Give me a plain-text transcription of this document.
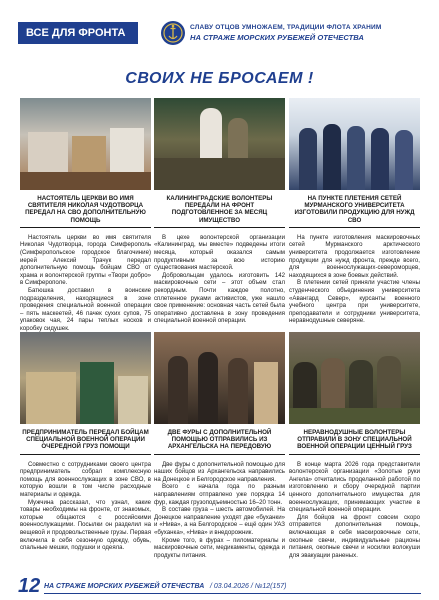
ВСЕ ДЛЯ ФРОНТА	СЛАВУ ОТЦОВ УМНОЖАЕМ, ТРАДИЦИИ ФЛОТА ХРАНИМ
НА СТРАЖЕ МОРСКИХ РУБЕЖЕЙ ОТЕЧЕСТВА
СВОИХ НЕ БРОСАЕМ !
НАСТОЯТЕЛЬ ЦЕРКВИ ВО ИМЯ СВЯТИТЕЛЯ НИКОЛАЯ ЧУДОТВОРЦА ПЕРЕДАЛ НА СВО ДОПОЛНИТЕЛЬНУЮ ПОМОЩЬ

Настоятель церкви во имя святителя Николая Чудотворца, города Симферополь (Симферопольское городское благочиние) иерей Алексий Трачук передал дополнительную помощь бойцам СВО от храма и волонтерской группы «Твори добро» в Симферополе.

Батюшка доставил в воинские подразделения, находящиеся в зоне проведения специальной военной операции – пять маскеетей, 46 пачек сухих супов, 75 упаковок чая, 24 пары теплых носков и коробку сидушек.

КАЛИНИНГРАДСКИЕ ВОЛОНТЕРЫ ПЕРЕДАЛИ НА ФРОНТ ПОДГОТОВЛЕННОЕ ЗА МЕСЯЦ ИМУЩЕСТВО

В цехе волонтерской организации «Калининград, мы вместе» подведены итоги месяца, который оказался самым продуктивным за всю историю существования мастерской.

Добровольцам удалось изготовить 142 маскировочные сети – этот объем стал рекордным. Почти каждое полотно, сплетенное руками активистов, уже нашло свое применение: основная часть сетей была оперативно доставлена в зону проведения специальной военной операции.

НА ПУНКТЕ ПЛЕТЕНИЯ СЕТЕЙ МУРМАНСКОГО УНИВЕРСИТЕТА ИЗГОТОВИЛИ ПРОДУКЦИЮ ДЛЯ НУЖД СВО

На пункте изготовления маскировочных сетей Мурманского арктического университета продолжается изготовление продукции для нужд фронта, прежде всего, для военнослужащих-североморцев, находящихся в зоне боевых действий.

В плетении сетей приняли участие члены студенческого объединения университета «Авангард Север», курсанты военного учебного центра при университете, преподаватели и сотрудники университета, неравнодушные северяне.

ПРЕДПРИНИМАТЕЛЬ ПЕРЕДАЛ БОЙЦАМ СПЕЦИАЛЬНОЙ ВОЕННОЙ ОПЕРАЦИИ ОЧЕРЕДНОЙ ГРУЗ ПОМОЩИ

Совместно с сотрудниками своего центра предприниматель собрал комплексную помощь для военнослужащих в зоне СВО, в которую вошли в том числе расходные материалы и одежда.

Мужчина рассказал, что узнал, какие товары необходимы на фронте, от знакомых, которые общаются с российскими военнослужащими. Посылки он разделил на вещевой и продовольственные грузы. Первая включила в себя сезонную одежду, обувь, спальные мешки, подушки и одеяла.

ДВЕ ФУРЫ С ДОПОЛНИТЕЛЬНОЙ ПОМОЩЬЮ ОТПРАВИЛИСЬ ИЗ АРХАНГЕЛЬСКА НА ПЕРЕДОВУЮ

Две фуры с дополнительной помощью для наших бойцов из Архангельска направились на Донецкое и Белгородское направления.

Всего с начала года по разным направлениям отправлено уже порядка 14 фур, каждая грузоподъемностью 16–20 тонн.

В составе груза – шесть автомобилей. На Донецкое направление уходят две «буханки» и «Нива», а на Белгородское – ещё один УАЗ «буханка», «Нива» и внедорожник.

Кроме того, в фурах – пиломатериалы и маскировочные сети, медикаменты, одежда и продукты питания.

НЕРАВНОДУШНЫЕ ВОЛОНТЕРЫ ОТПРАВИЛИ В ЗОНУ СПЕЦИАЛЬНОЙ ВОЕННОЙ ОПЕРАЦИИ ЦЕННЫЙ ГРУЗ

В конце марта 2026 года представители волонтерской организации «Золотые руки Ангела» отчитались проделанной работой по изготовлению и сбору очередной партии ценного дополнительного имущества для военнослужащих, принимающих участие в специальной военной операции.

Для бойцов на фронт совсем скоро отправится дополнительная помощь, включающая в себя маскировочные сети, окопные свечи, индивидуальные рационы питания, окопные свечи и носилки волокуши для эвакуации раненых.

12 НА СТРАЖЕ МОРСКИХ РУБЕЖЕЙ ОТЕЧЕСТВА / 03.04.2026 / №12(157)
